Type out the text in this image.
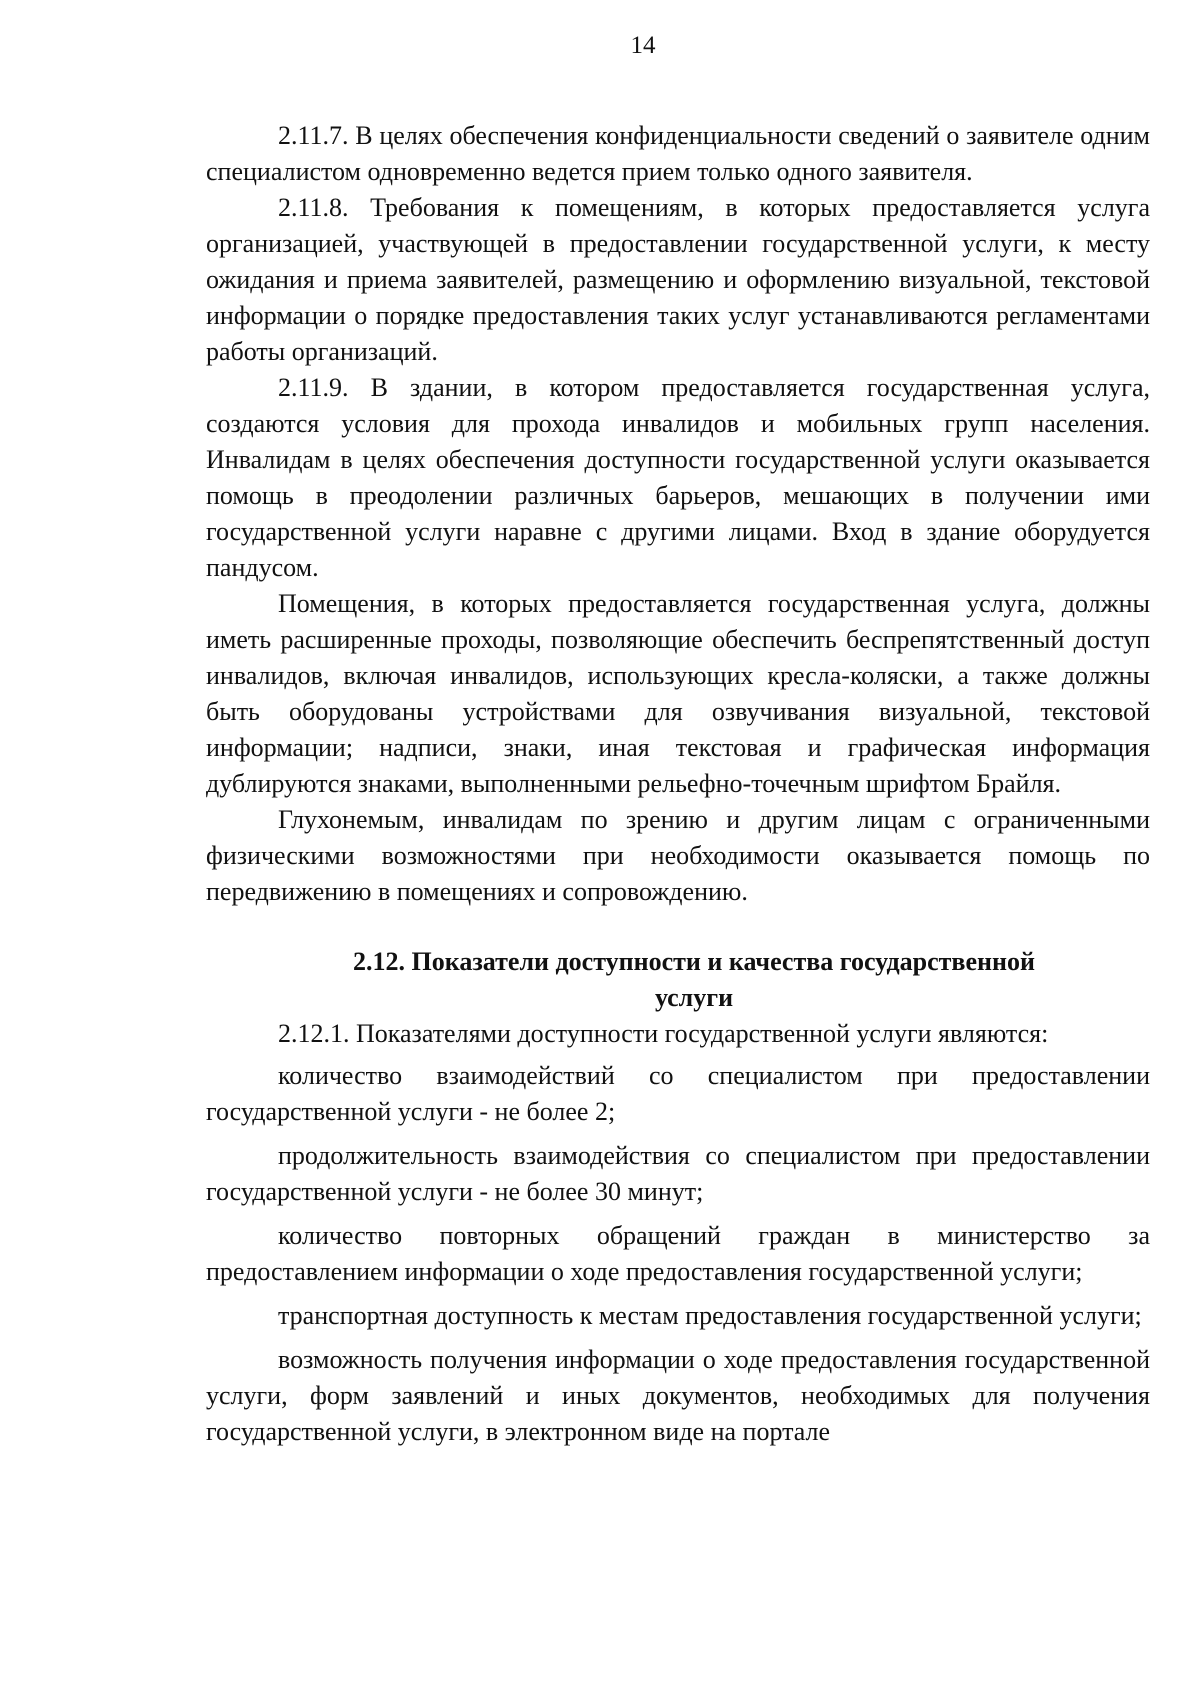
14

2.11.7. В целях обеспечения конфиденциальности сведений о заявителе одним специалистом одновременно ведется прием только одного заявителя.

2.11.8. Требования к помещениям, в которых предоставляется услуга организацией, участвующей в предоставлении государственной услуги, к месту ожидания и приема заявителей, размещению и оформлению визуальной, текстовой информации о порядке предоставления таких услуг устанавливаются регламентами работы организаций.

2.11.9. В здании, в котором предоставляется государственная услуга, создаются условия для прохода инвалидов и мобильных групп населения. Инвалидам в целях обеспечения доступности государственной услуги оказывается помощь в преодолении различных барьеров, мешающих в получении ими государственной услуги наравне с другими лицами. Вход в здание оборудуется пандусом.

Помещения, в которых предоставляется государственная услуга, должны иметь расширенные проходы, позволяющие обеспечить беспрепятственный доступ инвалидов, включая инвалидов, использующих кресла-коляски, а также должны быть оборудованы устройствами для озвучивания визуальной, текстовой информации; надписи, знаки, иная текстовая и графическая информация дублируются знаками, выполненными рельефно-точечным шрифтом Брайля.

Глухонемым, инвалидам по зрению и другим лицам с ограниченными физическими возможностями при необходимости оказывается помощь по передвижению в помещениях и сопровождению.

2.12. Показатели доступности и качества государственной
услуги

2.12.1. Показателями доступности государственной услуги являются:

количество взаимодействий со специалистом при предоставлении государственной услуги - не более 2;

продолжительность взаимодействия со специалистом при предоставлении государственной услуги - не более 30 минут;

количество повторных обращений граждан в министерство за предоставлением информации о ходе предоставления государственной услуги;

транспортная доступность к местам предоставления государственной услуги;

возможность получения информации о ходе предоставления государственной услуги, форм заявлений и иных документов, необходимых для получения государственной услуги, в электронном виде на портале
